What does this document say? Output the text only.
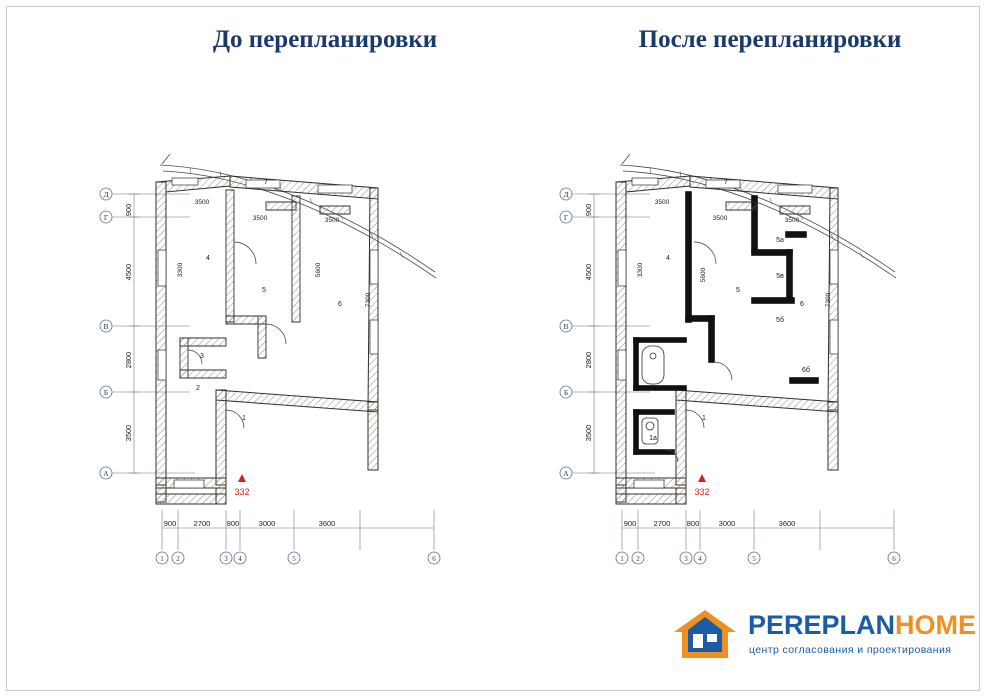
До перепланировки	После перепланировки
Д
Г
В
Б
А
900
4500
2800
3500
3500
3500	3500
3300	5600
7300
4
5
6
7
3
2
1
332
900 2700 800	3000	3600
1 2	3 4	5	6
Д
Г
В
Б
А
900
4500
2800
3500
3500
3500	3500
3300	5600
7300
4
5
6
7
5а
5в
5б
6б
2
1а
1
332
900 2700 800	3000	3600
1 2	3 4	5	6
PEREPLANHOME
центр согласования и проектирования
